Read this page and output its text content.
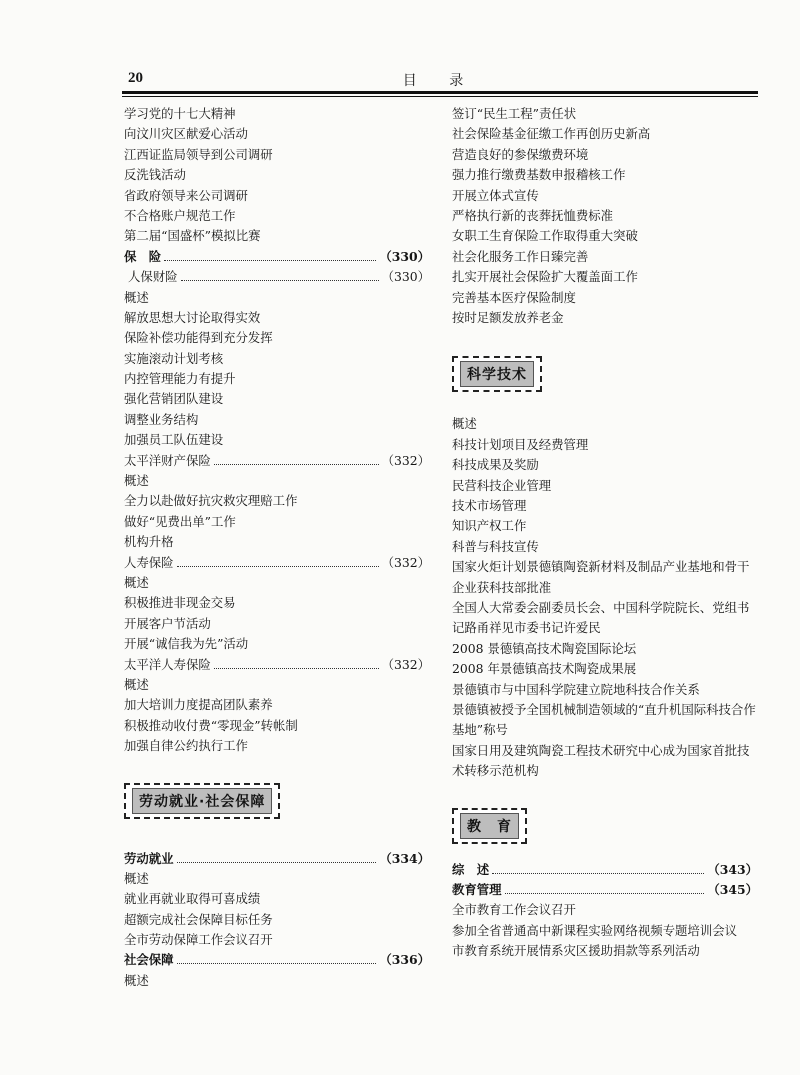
20	目 录
学习党的十七大精神
向汶川灾区献爱心活动
江西证监局领导到公司调研
反洗钱活动
省政府领导来公司调研
不合格账户规范工作
第二届“国盛杯”模拟比赛
保　险	（330）
人保财险	（330）
概述
解放思想大讨论取得实效
保险补偿功能得到充分发挥
实施滚动计划考核
内控管理能力有提升
强化营销团队建设
调整业务结构
加强员工队伍建设
太平洋财产保险	（332）
概述
全力以赴做好抗灾救灾理赔工作
做好“见费出单”工作
机构升格
人寿保险	（332）
概述
积极推进非现金交易
开展客户节活动
开展“诚信我为先”活动
太平洋人寿保险	（332）
概述
加大培训力度提高团队素养
积极推动收付费“零现金”转帐制
加强自律公约执行工作
劳动就业·社会保障
劳动就业	（334）
概述
就业再就业取得可喜成绩
超额完成社会保障目标任务
全市劳动保障工作会议召开
社会保障	（336）
概述
签订“民生工程”责任状
社会保险基金征缴工作再创历史新高
营造良好的参保缴费环境
强力推行缴费基数申报稽核工作
开展立体式宣传
严格执行新的丧葬抚恤费标准
女职工生育保险工作取得重大突破
社会化服务工作日臻完善
扎实开展社会保险扩大覆盖面工作
完善基本医疗保险制度
按时足额发放养老金
科学技术
概述
科技计划项目及经费管理
科技成果及奖励
民营科技企业管理
技术市场管理
知识产权工作
科普与科技宣传
国家火炬计划景德镇陶瓷新材料及制品产业基地和骨干企业获科技部批准
全国人大常委会副委员长会、中国科学院院长、党组书记路甬祥见市委书记许爱民
2008 景德镇高技术陶瓷国际论坛
2008 年景德镇高技术陶瓷成果展
景德镇市与中国科学院建立院地科技合作关系
景德镇被授予全国机械制造领域的“直升机国际科技合作基地”称号
国家日用及建筑陶瓷工程技术研究中心成为国家首批技术转移示范机构
教　育
综　述	（343）
教育管理	（345）
全市教育工作会议召开
参加全省普通高中新课程实验网络视频专题培训会议
市教育系统开展情系灾区援助捐款等系列活动
